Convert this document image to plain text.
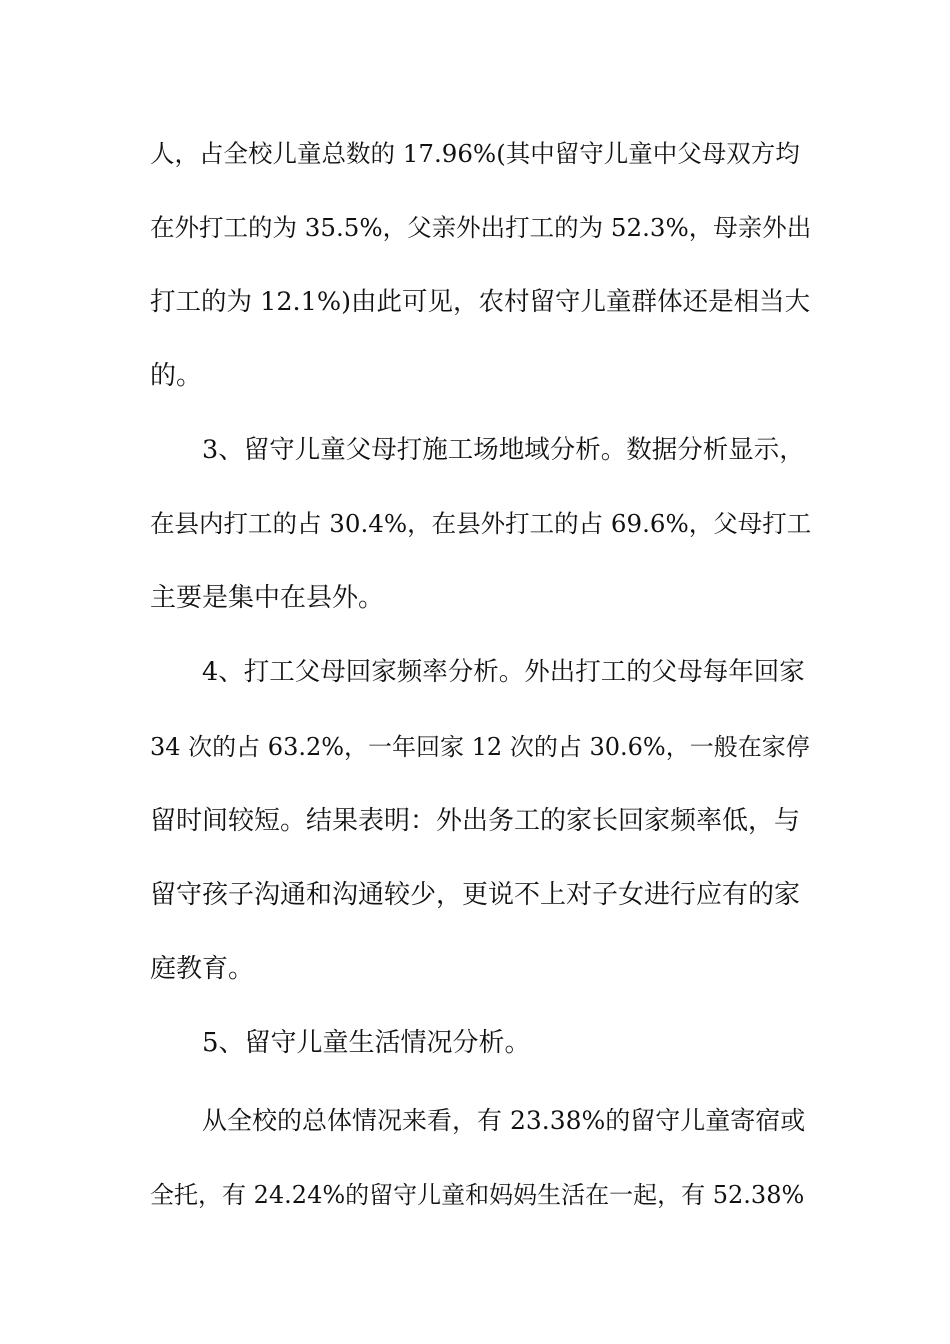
人，占全校儿童总数的 17.96%(其中留守儿童中父母双方均
在外打工的为 35.5%，父亲外出打工的为 52.3%，母亲外出
打工的为 12.1%)由此可见，农村留守儿童群体还是相当大
的。
3、留守儿童父母打施工场地域分析。数据分析显示，
在县内打工的占 30.4%，在县外打工的占 69.6%，父母打工
主要是集中在县外。
4、打工父母回家频率分析。外出打工的父母每年回家
34 次的占 63.2%，一年回家 12 次的占 30.6%，一般在家停
留时间较短。结果表明：外出务工的家长回家频率低，与
留守孩子沟通和沟通较少，更说不上对子女进行应有的家
庭教育。
5、留守儿童生活情况分析。
从全校的总体情况来看，有 23.38%的留守儿童寄宿或
全托，有 24.24%的留守儿童和妈妈生活在一起，有 52.38%
